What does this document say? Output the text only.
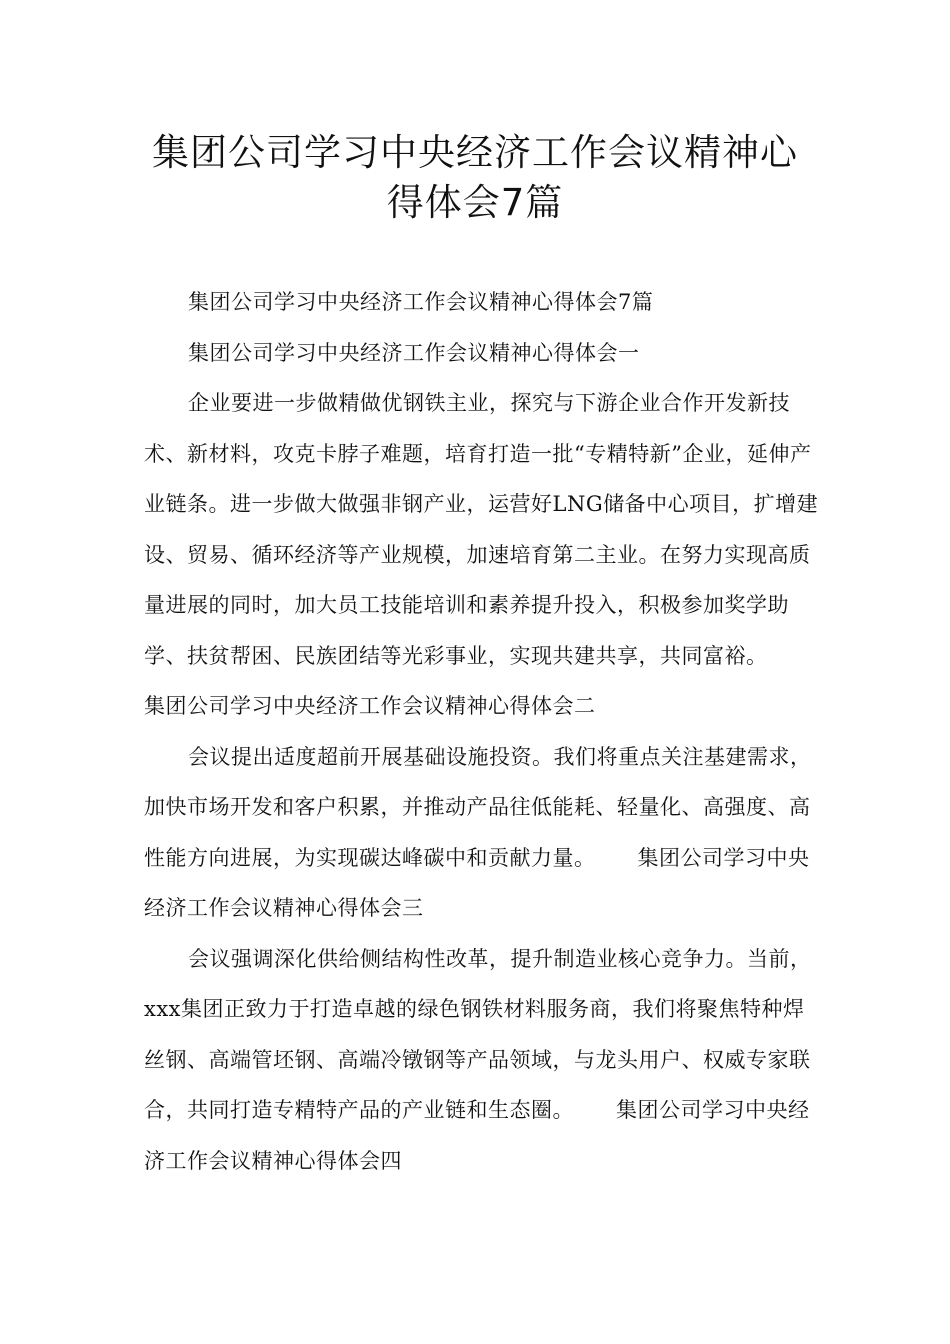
集团公司学习中央经济工作会议精神心
得体会7篇

集团公司学习中央经济工作会议精神心得体会7篇

集团公司学习中央经济工作会议精神心得体会一

企业要进一步做精做优钢铁主业，探究与下游企业合作开发新技术、新材料，攻克卡脖子难题，培育打造一批“专精特新”企业，延伸产业链条。进一步做大做强非钢产业，运营好LNG储备中心项目，扩增建设、贸易、循环经济等产业规模，加速培育第二主业。在努力实现高质量进展的同时，加大员工技能培训和素养提升投入，积极参加奖学助学、扶贫帮困、民族团结等光彩事业，实现共建共享，共同富裕。集团公司学习中央经济工作会议精神心得体会二

会议提出适度超前开展基础设施投资。我们将重点关注基建需求，加快市场开发和客户积累，并推动产品往低能耗、轻量化、高强度、高性能方向进展，为实现碳达峰碳中和贡献力量。 集团公司学习中央经济工作会议精神心得体会三

会议强调深化供给侧结构性改革，提升制造业核心竞争力。当前，xxx集团正致力于打造卓越的绿色钢铁材料服务商，我们将聚焦特种焊丝钢、高端管坯钢、高端冷镦钢等产品领域，与龙头用户、权威专家联合，共同打造专精特产品的产业链和生态圈。 集团公司学习中央经济工作会议精神心得体会四
